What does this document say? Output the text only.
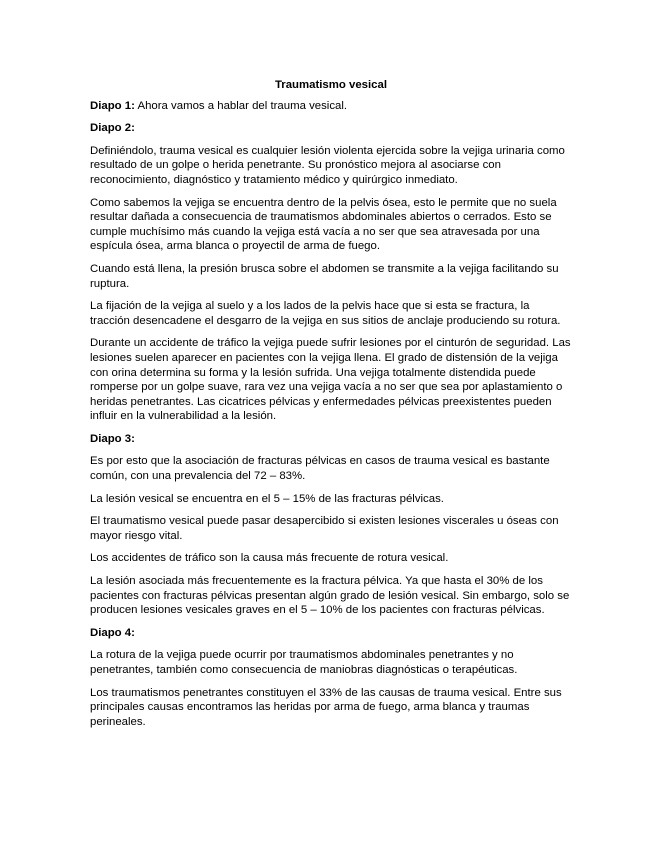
Traumatismo vesical

Diapo 1: Ahora vamos a hablar del trauma vesical.

Diapo 2:

Definiéndolo, trauma vesical es cualquier lesión violenta ejercida sobre la vejiga urinaria como resultado de un golpe o herida penetrante. Su pronóstico mejora al asociarse con reconocimiento, diagnóstico y tratamiento médico y quirúrgico inmediato.

Como sabemos la vejiga se encuentra dentro de la pelvis ósea, esto le permite que no suela resultar dañada a consecuencia de traumatismos abdominales abiertos o cerrados. Esto se cumple muchísimo más cuando la vejiga está vacía a no ser que sea atravesada por una espícula ósea, arma blanca o proyectil de arma de fuego.

Cuando está llena, la presión brusca sobre el abdomen se transmite a la vejiga facilitando su ruptura.

La fijación de la vejiga al suelo y a los lados de la pelvis hace que si esta se fractura, la tracción desencadene el desgarro de la vejiga en sus sitios de anclaje produciendo su rotura.

Durante un accidente de tráfico la vejiga puede sufrir lesiones por el cinturón de seguridad. Las lesiones suelen aparecer en pacientes con la vejiga llena. El grado de distensión de la vejiga con orina determina su forma y la lesión sufrida. Una vejiga totalmente distendida puede romperse por un golpe suave, rara vez una vejiga vacía a no ser que sea por aplastamiento o heridas penetrantes. Las cicatrices pélvicas y enfermedades pélvicas preexistentes pueden influir en la vulnerabilidad a la lesión.

Diapo 3:

Es por esto que la asociación de fracturas pélvicas en casos de trauma vesical es bastante común, con una prevalencia del 72 – 83%.

La lesión vesical se encuentra en el 5 – 15% de las fracturas pélvicas.

El traumatismo vesical puede pasar desapercibido si existen lesiones viscerales u óseas con mayor riesgo vital.

Los accidentes de tráfico son la causa más frecuente de rotura vesical.

La lesión asociada más frecuentemente es la fractura pélvica. Ya que hasta el 30% de los pacientes con fracturas pélvicas presentan algún grado de lesión vesical. Sin embargo, solo se producen lesiones vesicales graves en el 5 – 10% de los pacientes con fracturas pélvicas.

Diapo 4:

La rotura de la vejiga puede ocurrir por traumatismos abdominales penetrantes y no penetrantes, también como consecuencia de maniobras diagnósticas o terapéuticas.

Los traumatismos penetrantes constituyen el 33% de las causas de trauma vesical. Entre sus principales causas encontramos las heridas por arma de fuego, arma blanca y traumas perineales.
